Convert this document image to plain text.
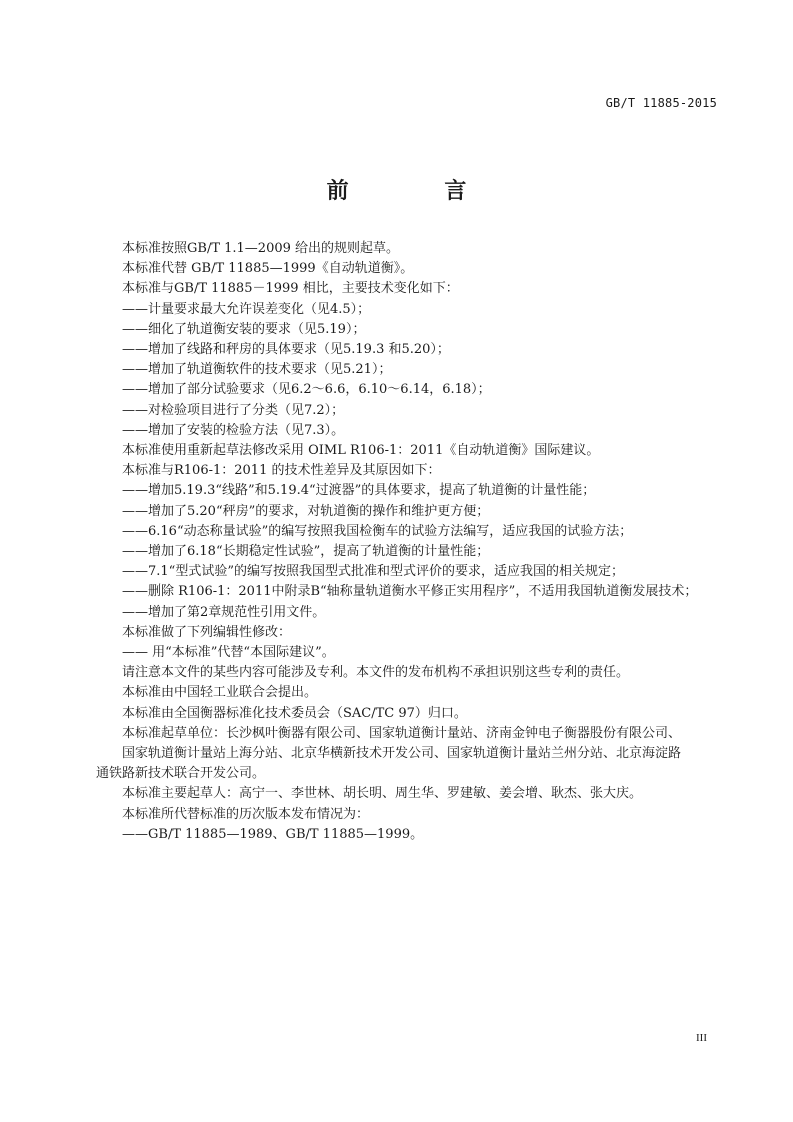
GB/T 11885-2015
前 言

本标准按照GB/T 1.1—2009 给出的规则起草。

本标准代替 GB/T 11885—1999《自动轨道衡》。

本标准与GB/T 11885－1999 相比，主要技术变化如下：

——计量要求最大允许误差变化（见4.5）；

——细化了轨道衡安装的要求（见5.19）；

——增加了线路和秤房的具体要求（见5.19.3 和5.20）；

——增加了轨道衡软件的技术要求（见5.21）；

——增加了部分试验要求（见6.2～6.6，6.10～6.14，6.18）；

——对检验项目进行了分类（见7.2）；

——增加了安装的检验方法（见7.3）。

本标准使用重新起草法修改采用 OIML R106-1：2011《自动轨道衡》国际建议。

本标准与R106-1：2011 的技术性差异及其原因如下：

——增加5.19.3“线路”和5.19.4“过渡器”的具体要求，提高了轨道衡的计量性能；

——增加了5.20“秤房”的要求，对轨道衡的操作和维护更方便；

——6.16“动态称量试验”的编写按照我国检衡车的试验方法编写，适应我国的试验方法；

——增加了6.18“长期稳定性试验”，提高了轨道衡的计量性能；

——7.1“型式试验”的编写按照我国型式批准和型式评价的要求，适应我国的相关规定；

——删除 R106-1：2011中附录B“轴称量轨道衡水平修正实用程序”，不适用我国轨道衡发展技术；

——增加了第2章规范性引用文件。

本标准做了下列编辑性修改：

—— 用“本标准”代替“本国际建议”。

请注意本文件的某些内容可能涉及专利。本文件的发布机构不承担识别这些专利的责任。

本标准由中国轻工业联合会提出。

本标准由全国衡器标准化技术委员会（SAC/TC 97）归口。

本标准起草单位：长沙枫叶衡器有限公司、国家轨道衡计量站、济南金钟电子衡器股份有限公司、

国家轨道衡计量站上海分站、北京华横新技术开发公司、国家轨道衡计量站兰州分站、北京海淀路

通铁路新技术联合开发公司。

本标准主要起草人：高宁一、李世林、胡长明、周生华、罗建敏、姜会增、耿杰、张大庆。

本标准所代替标准的历次版本发布情况为：

——GB/T 11885—1989、GB/T 11885—1999。

III
